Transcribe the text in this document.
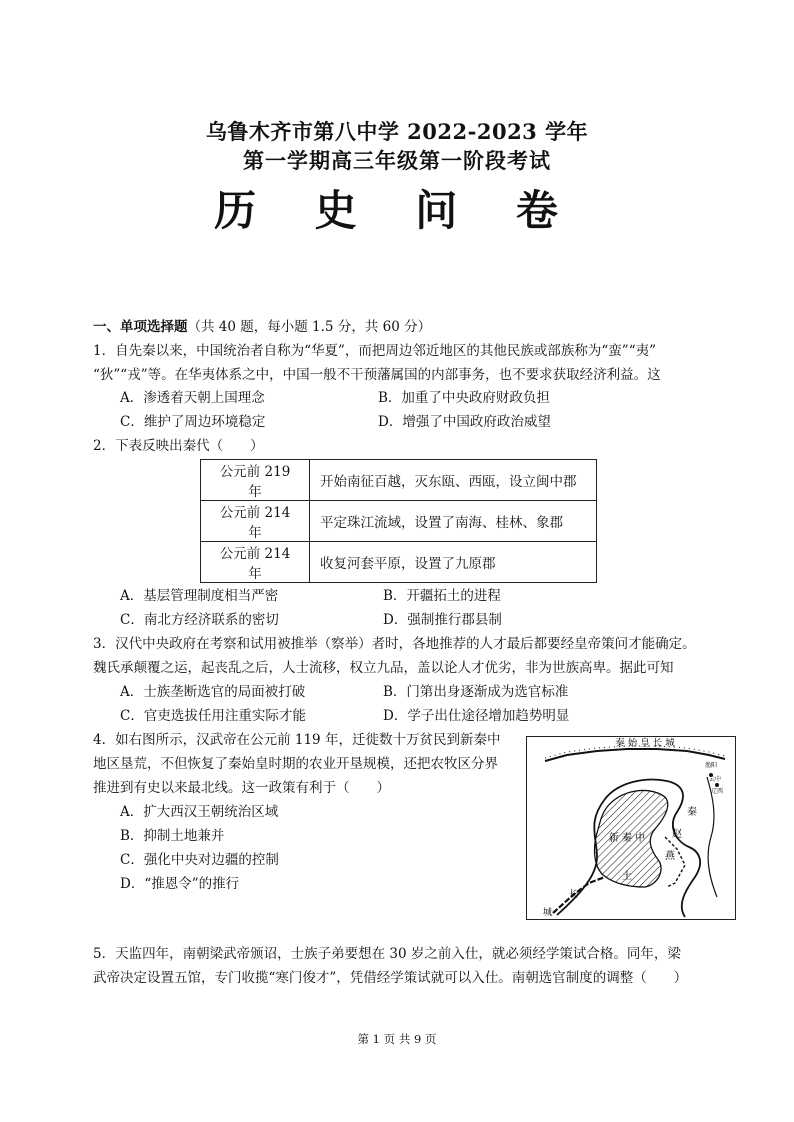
乌鲁木齐市第八中学 2022-2023 学年
第一学期高三年级第一阶段考试
历 史 问 卷
一、单项选择题（共 40 题，每小题 1.5 分，共 60 分）
1．自先秦以来，中国统治者自称为“华夏”，而把周边邻近地区的其他民族或部族称为“蛮”“夷”
“狄”“戎”等。在华夷体系之中，中国一般不干预藩属国的内部事务，也不要求获取经济利益。这
A．渗透着天朝上国理念	B．加重了中央政府财政负担
C．维护了周边环境稳定	D．增强了中国政府政治威望
2．下表反映出秦代（　　）
公元前 219 年	开始南征百越，灭东瓯、西瓯，设立闽中郡
公元前 214 年	平定珠江流域，设置了南海、桂林、象郡
公元前 214 年	收复河套平原，设置了九原郡
A．基层管理制度相当严密	B．开疆拓土的进程
C．南北方经济联系的密切	D．强制推行郡县制
3．汉代中央政府在考察和试用被推举（察举）者时，各地推荐的人才最后都要经皇帝策问才能确定。
魏氏承颠覆之运，起丧乱之后，人士流移，权立九品，盖以论人才优劣，非为世族高卑。据此可知
A．士族垄断选官的局面被打破	B．门第出身逐渐成为选官标准
C．官吏选拔任用注重实际才能	D．学子出仕途径增加趋势明显
4．如右图所示，汉武帝在公元前 119 年，迁徙数十万贫民到新秦中
地区垦荒，不但恢复了秦始皇时期的农业开垦规模，还把农牧区分界
推进到有史以来最北线。这一政策有利于（　　）
A．扩大西汉王朝统治区域
B．抑制土地兼并
C．强化中央对边疆的控制
D．“推恩令”的推行
秦 始 皇 长 城
新 秦 中
秦
赵
燕
土
长
城
渔阳
云中
辽西
5．天监四年，南朝梁武帝颁诏，士族子弟要想在 30 岁之前入仕，就必须经学策试合格。同年，梁
武帝决定设置五馆，专门收揽“寒门俊才”，凭借经学策试就可以入仕。南朝选官制度的调整（　　）
第 1 页 共 9 页
